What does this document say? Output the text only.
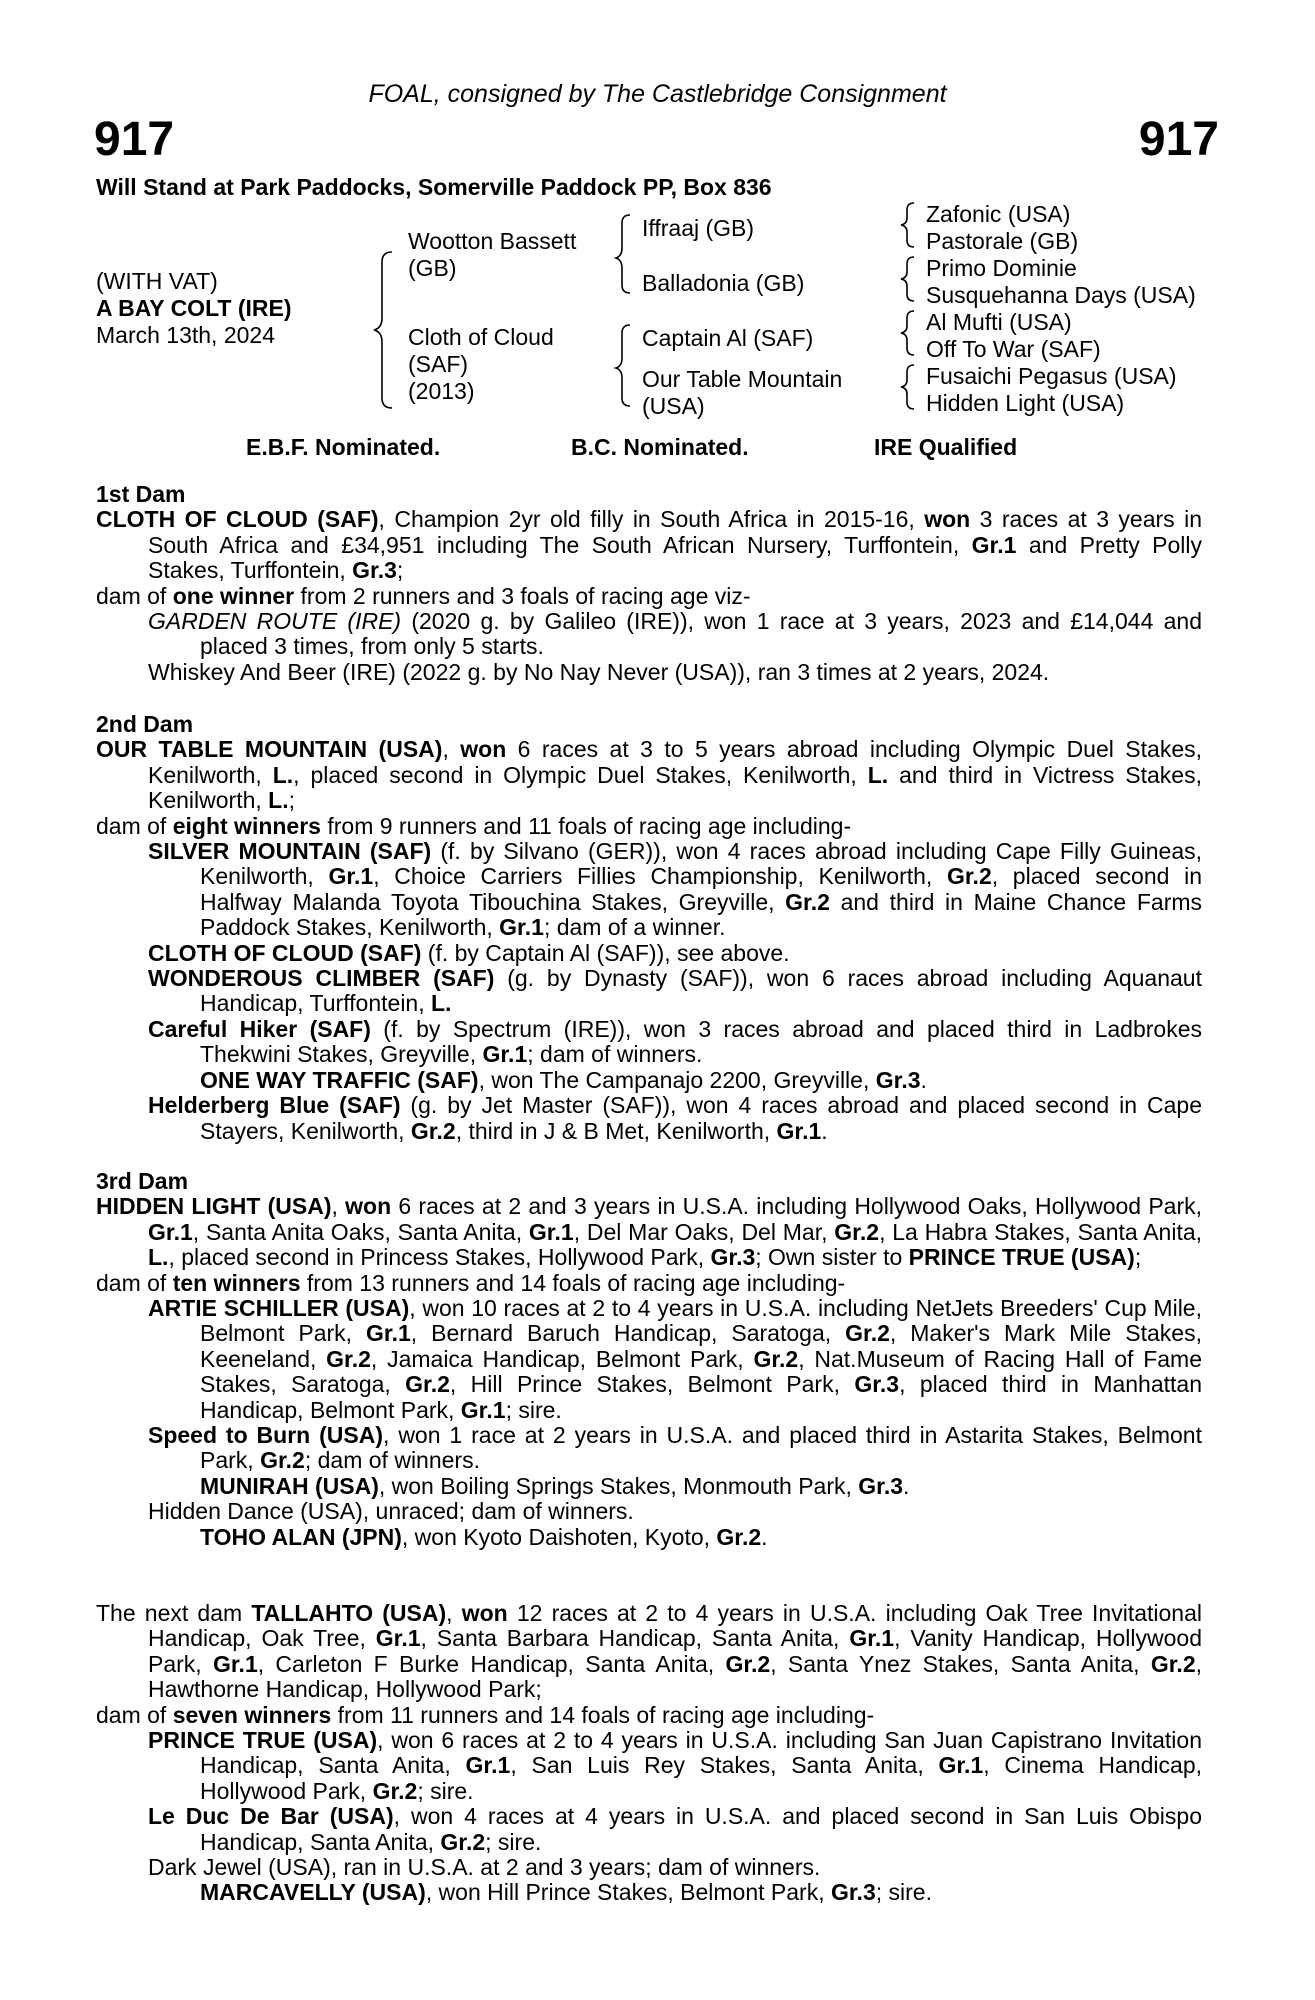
FOAL, consigned by The Castlebridge Consignment
917	917
Will Stand at Park Paddocks, Somerville Paddock PP, Box 836
(WITH VAT)
A BAY COLT (IRE)
March 13th, 2024
Wootton Bassett
(GB)
Cloth of Cloud
(SAF)
(2013)
Iffraaj (GB)
Balladonia (GB)
Captain Al (SAF)
Our Table Mountain
(USA)
Zafonic (USA)
Pastorale (GB)
Primo Dominie
Susquehanna Days (USA)
Al Mufti (USA)
Off To War (SAF)
Fusaichi Pegasus (USA)
Hidden Light (USA)
E.B.F. Nominated.	B.C. Nominated.	IRE Qualified

1st Dam

CLOTH OF CLOUD (SAF), Champion 2yr old filly in South Africa in 2015-16, won 3 races at 3 years in South Africa and £34,951 including The South African Nursery, Turffontein, Gr.1 and Pretty Polly Stakes, Turffontein, Gr.3;

dam of one winner from 2 runners and 3 foals of racing age viz-

GARDEN ROUTE (IRE) (2020 g. by Galileo (IRE)), won 1 race at 3 years, 2023 and £14,044 and placed 3 times, from only 5 starts.

Whiskey And Beer (IRE) (2022 g. by No Nay Never (USA)), ran 3 times at 2 years, 2024.

2nd Dam

OUR TABLE MOUNTAIN (USA), won 6 races at 3 to 5 years abroad including Olympic Duel Stakes, Kenilworth, L., placed second in Olympic Duel Stakes, Kenilworth, L. and third in Victress Stakes, Kenilworth, L.;

dam of eight winners from 9 runners and 11 foals of racing age including-

SILVER MOUNTAIN (SAF) (f. by Silvano (GER)), won 4 races abroad including Cape Filly Guineas, Kenilworth, Gr.1, Choice Carriers Fillies Championship, Kenilworth, Gr.2, placed second in Halfway Malanda Toyota Tibouchina Stakes, Greyville, Gr.2 and third in Maine Chance Farms Paddock Stakes, Kenilworth, Gr.1; dam of a winner.

CLOTH OF CLOUD (SAF) (f. by Captain Al (SAF)), see above.

WONDEROUS CLIMBER (SAF) (g. by Dynasty (SAF)), won 6 races abroad including Aquanaut Handicap, Turffontein, L.

Careful Hiker (SAF) (f. by Spectrum (IRE)), won 3 races abroad and placed third in Ladbrokes Thekwini Stakes, Greyville, Gr.1; dam of winners.

ONE WAY TRAFFIC (SAF), won The Campanajo 2200, Greyville, Gr.3.

Helderberg Blue (SAF) (g. by Jet Master (SAF)), won 4 races abroad and placed second in Cape Stayers, Kenilworth, Gr.2, third in J & B Met, Kenilworth, Gr.1.

3rd Dam

HIDDEN LIGHT (USA), won 6 races at 2 and 3 years in U.S.A. including Hollywood Oaks, Hollywood Park, Gr.1, Santa Anita Oaks, Santa Anita, Gr.1, Del Mar Oaks, Del Mar, Gr.2, La Habra Stakes, Santa Anita, L., placed second in Princess Stakes, Hollywood Park, Gr.3; Own sister to PRINCE TRUE (USA);

dam of ten winners from 13 runners and 14 foals of racing age including-

ARTIE SCHILLER (USA), won 10 races at 2 to 4 years in U.S.A. including NetJets Breeders' Cup Mile, Belmont Park, Gr.1, Bernard Baruch Handicap, Saratoga, Gr.2, Maker's Mark Mile Stakes, Keeneland, Gr.2, Jamaica Handicap, Belmont Park, Gr.2, Nat.Museum of Racing Hall of Fame Stakes, Saratoga, Gr.2, Hill Prince Stakes, Belmont Park, Gr.3, placed third in Manhattan Handicap, Belmont Park, Gr.1; sire.

Speed to Burn (USA), won 1 race at 2 years in U.S.A. and placed third in Astarita Stakes, Belmont Park, Gr.2; dam of winners.

MUNIRAH (USA), won Boiling Springs Stakes, Monmouth Park, Gr.3.

Hidden Dance (USA), unraced; dam of winners.

TOHO ALAN (JPN), won Kyoto Daishoten, Kyoto, Gr.2.

The next dam TALLAHTO (USA), won 12 races at 2 to 4 years in U.S.A. including Oak Tree Invitational Handicap, Oak Tree, Gr.1, Santa Barbara Handicap, Santa Anita, Gr.1, Vanity Handicap, Hollywood Park, Gr.1, Carleton F Burke Handicap, Santa Anita, Gr.2, Santa Ynez Stakes, Santa Anita, Gr.2, Hawthorne Handicap, Hollywood Park;

dam of seven winners from 11 runners and 14 foals of racing age including-

PRINCE TRUE (USA), won 6 races at 2 to 4 years in U.S.A. including San Juan Capistrano Invitation Handicap, Santa Anita, Gr.1, San Luis Rey Stakes, Santa Anita, Gr.1, Cinema Handicap, Hollywood Park, Gr.2; sire.

Le Duc De Bar (USA), won 4 races at 4 years in U.S.A. and placed second in San Luis Obispo Handicap, Santa Anita, Gr.2; sire.

Dark Jewel (USA), ran in U.S.A. at 2 and 3 years; dam of winners.

MARCAVELLY (USA), won Hill Prince Stakes, Belmont Park, Gr.3; sire.
